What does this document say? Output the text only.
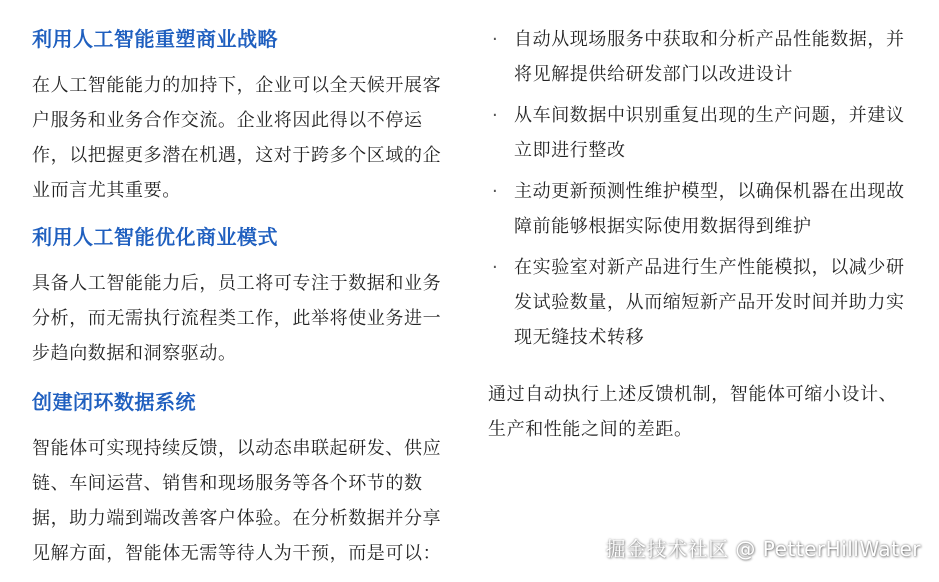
利用人工智能重塑商业战略

在人工智能能力的加持下，企业可以全天候开展客户服务和业务合作交流。企业将因此得以不停运作，以把握更多潜在机遇，这对于跨多个区域的企业而言尤其重要。

利用人工智能优化商业模式

具备人工智能能力后，员工将可专注于数据和业务分析，而无需执行流程类工作，此举将使业务进一步趋向数据和洞察驱动。

创建闭环数据系统

智能体可实现持续反馈，以动态串联起研发、供应链、车间运营、销售和现场服务等各个环节的数据，助力端到端改善客户体验。在分析数据并分享见解方面，智能体无需等待人为干预，而是可以：

· 自动从现场服务中获取和分析产品性能数据，并将见解提供给研发部门以改进设计
· 从车间数据中识别重复出现的生产问题，并建议立即进行整改
· 主动更新预测性维护模型，以确保机器在出现故障前能够根据实际使用数据得到维护
· 在实验室对新产品进行生产性能模拟，以减少研发试验数量，从而缩短新产品开发时间并助力实现无缝技术转移

通过自动执行上述反馈机制，智能体可缩小设计、生产和性能之间的差距。

掘金技术社区 @ PetterHillWater
